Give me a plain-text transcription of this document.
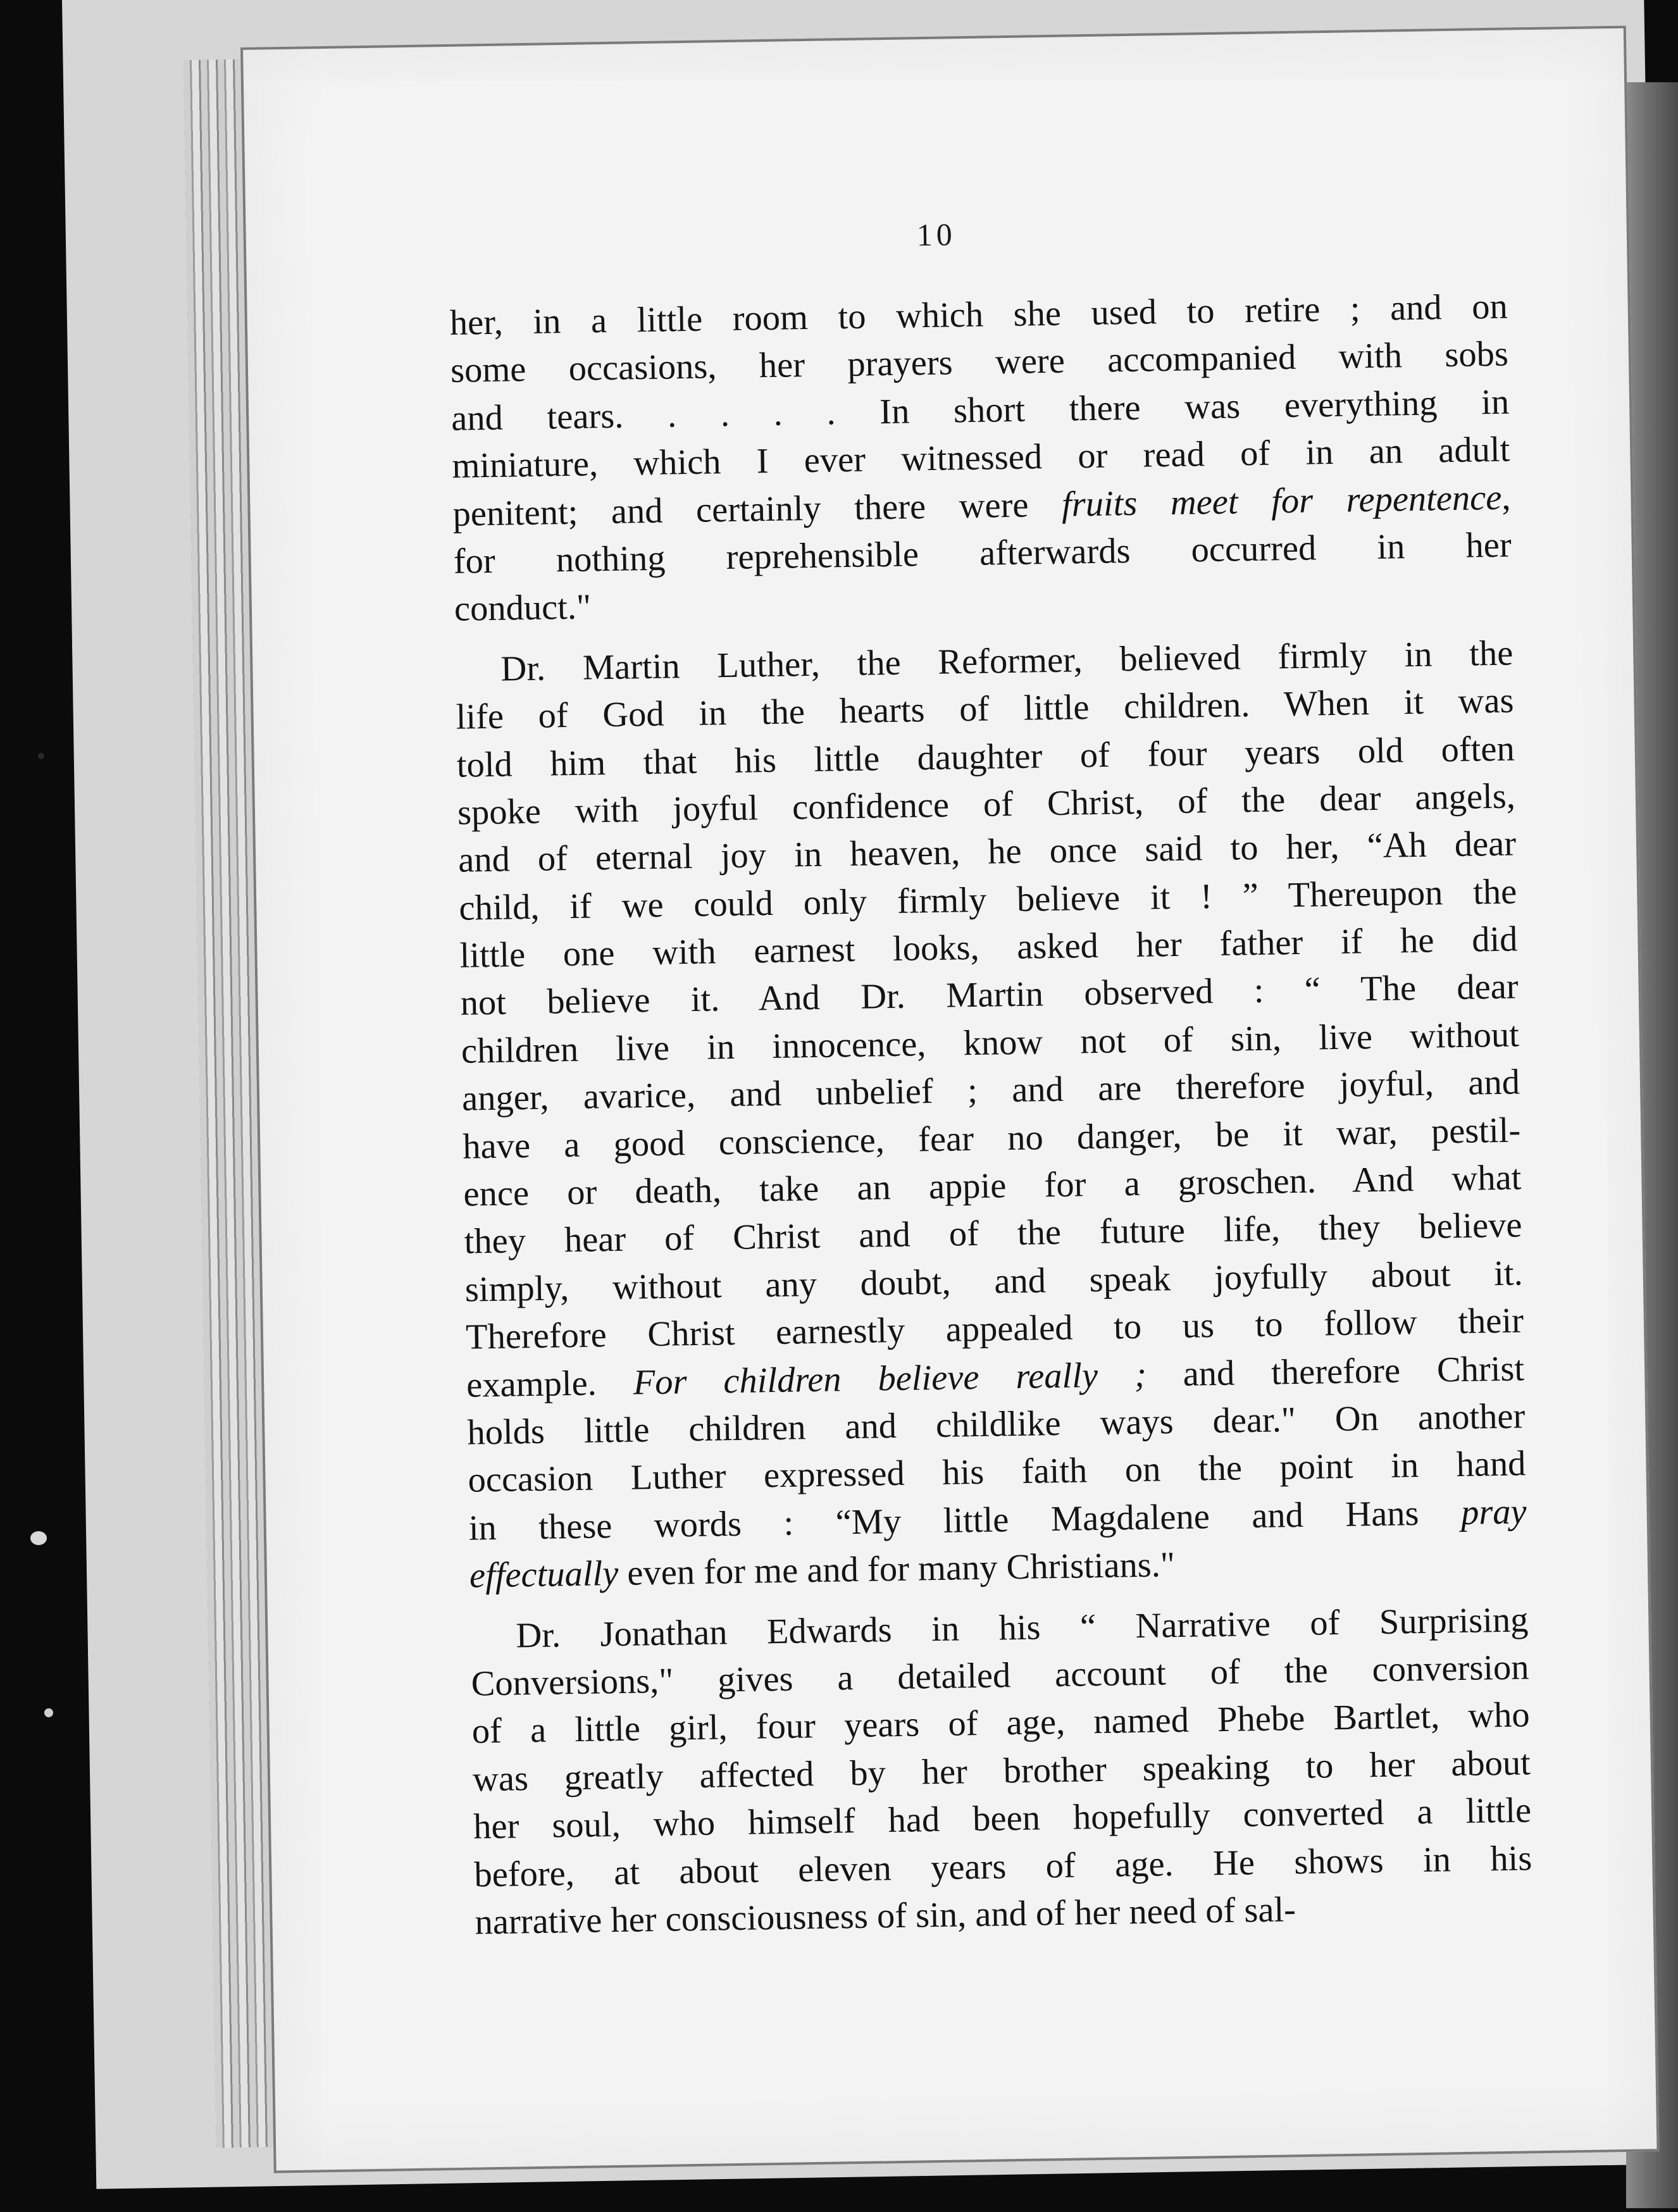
10
her, in a little room to which she used to retire ; and on
some occasions, her prayers were accompanied with sobs
and tears. . . . . In short there was everything in
miniature, which I ever witnessed or read of in an adult
penitent; and certainly there were fruits meet for repentence,
for nothing reprehensible afterwards occurred in her
conduct."
Dr. Martin Luther, the Reformer, believed firmly in the
life of God in the hearts of little children. When it was
told him that his little daughter of four years old often
spoke with joyful confidence of Christ, of the dear angels,
and of eternal joy in heaven, he once said to her, “Ah dear
child, if we could only firmly believe it ! ” Thereupon the
little one with earnest looks, asked her father if he did
not believe it. And Dr. Martin observed : “ The dear
children live in innocence, know not of sin, live without
anger, avarice, and unbelief ; and are therefore joyful, and
have a good conscience, fear no danger, be it war, pestil-
ence or death, take an appie for a groschen. And what
they hear of Christ and of the future life, they believe
simply, without any doubt, and speak joyfully about it.
Therefore Christ earnestly appealed to us to follow their
example. For children believe really ; and therefore Christ
holds little children and childlike ways dear." On another
occasion Luther expressed his faith on the point in hand
in these words : “My little Magdalene and Hans pray
effectually even for me and for many Christians."
Dr. Jonathan Edwards in his “ Narrative of Surprising
Conversions," gives a detailed account of the conversion
of a little girl, four years of age, named Phebe Bartlet, who
was greatly affected by her brother speaking to her about
her soul, who himself had been hopefully converted a little
before, at about eleven years of age. He shows in his
narrative her consciousness of sin, and of her need of sal-
